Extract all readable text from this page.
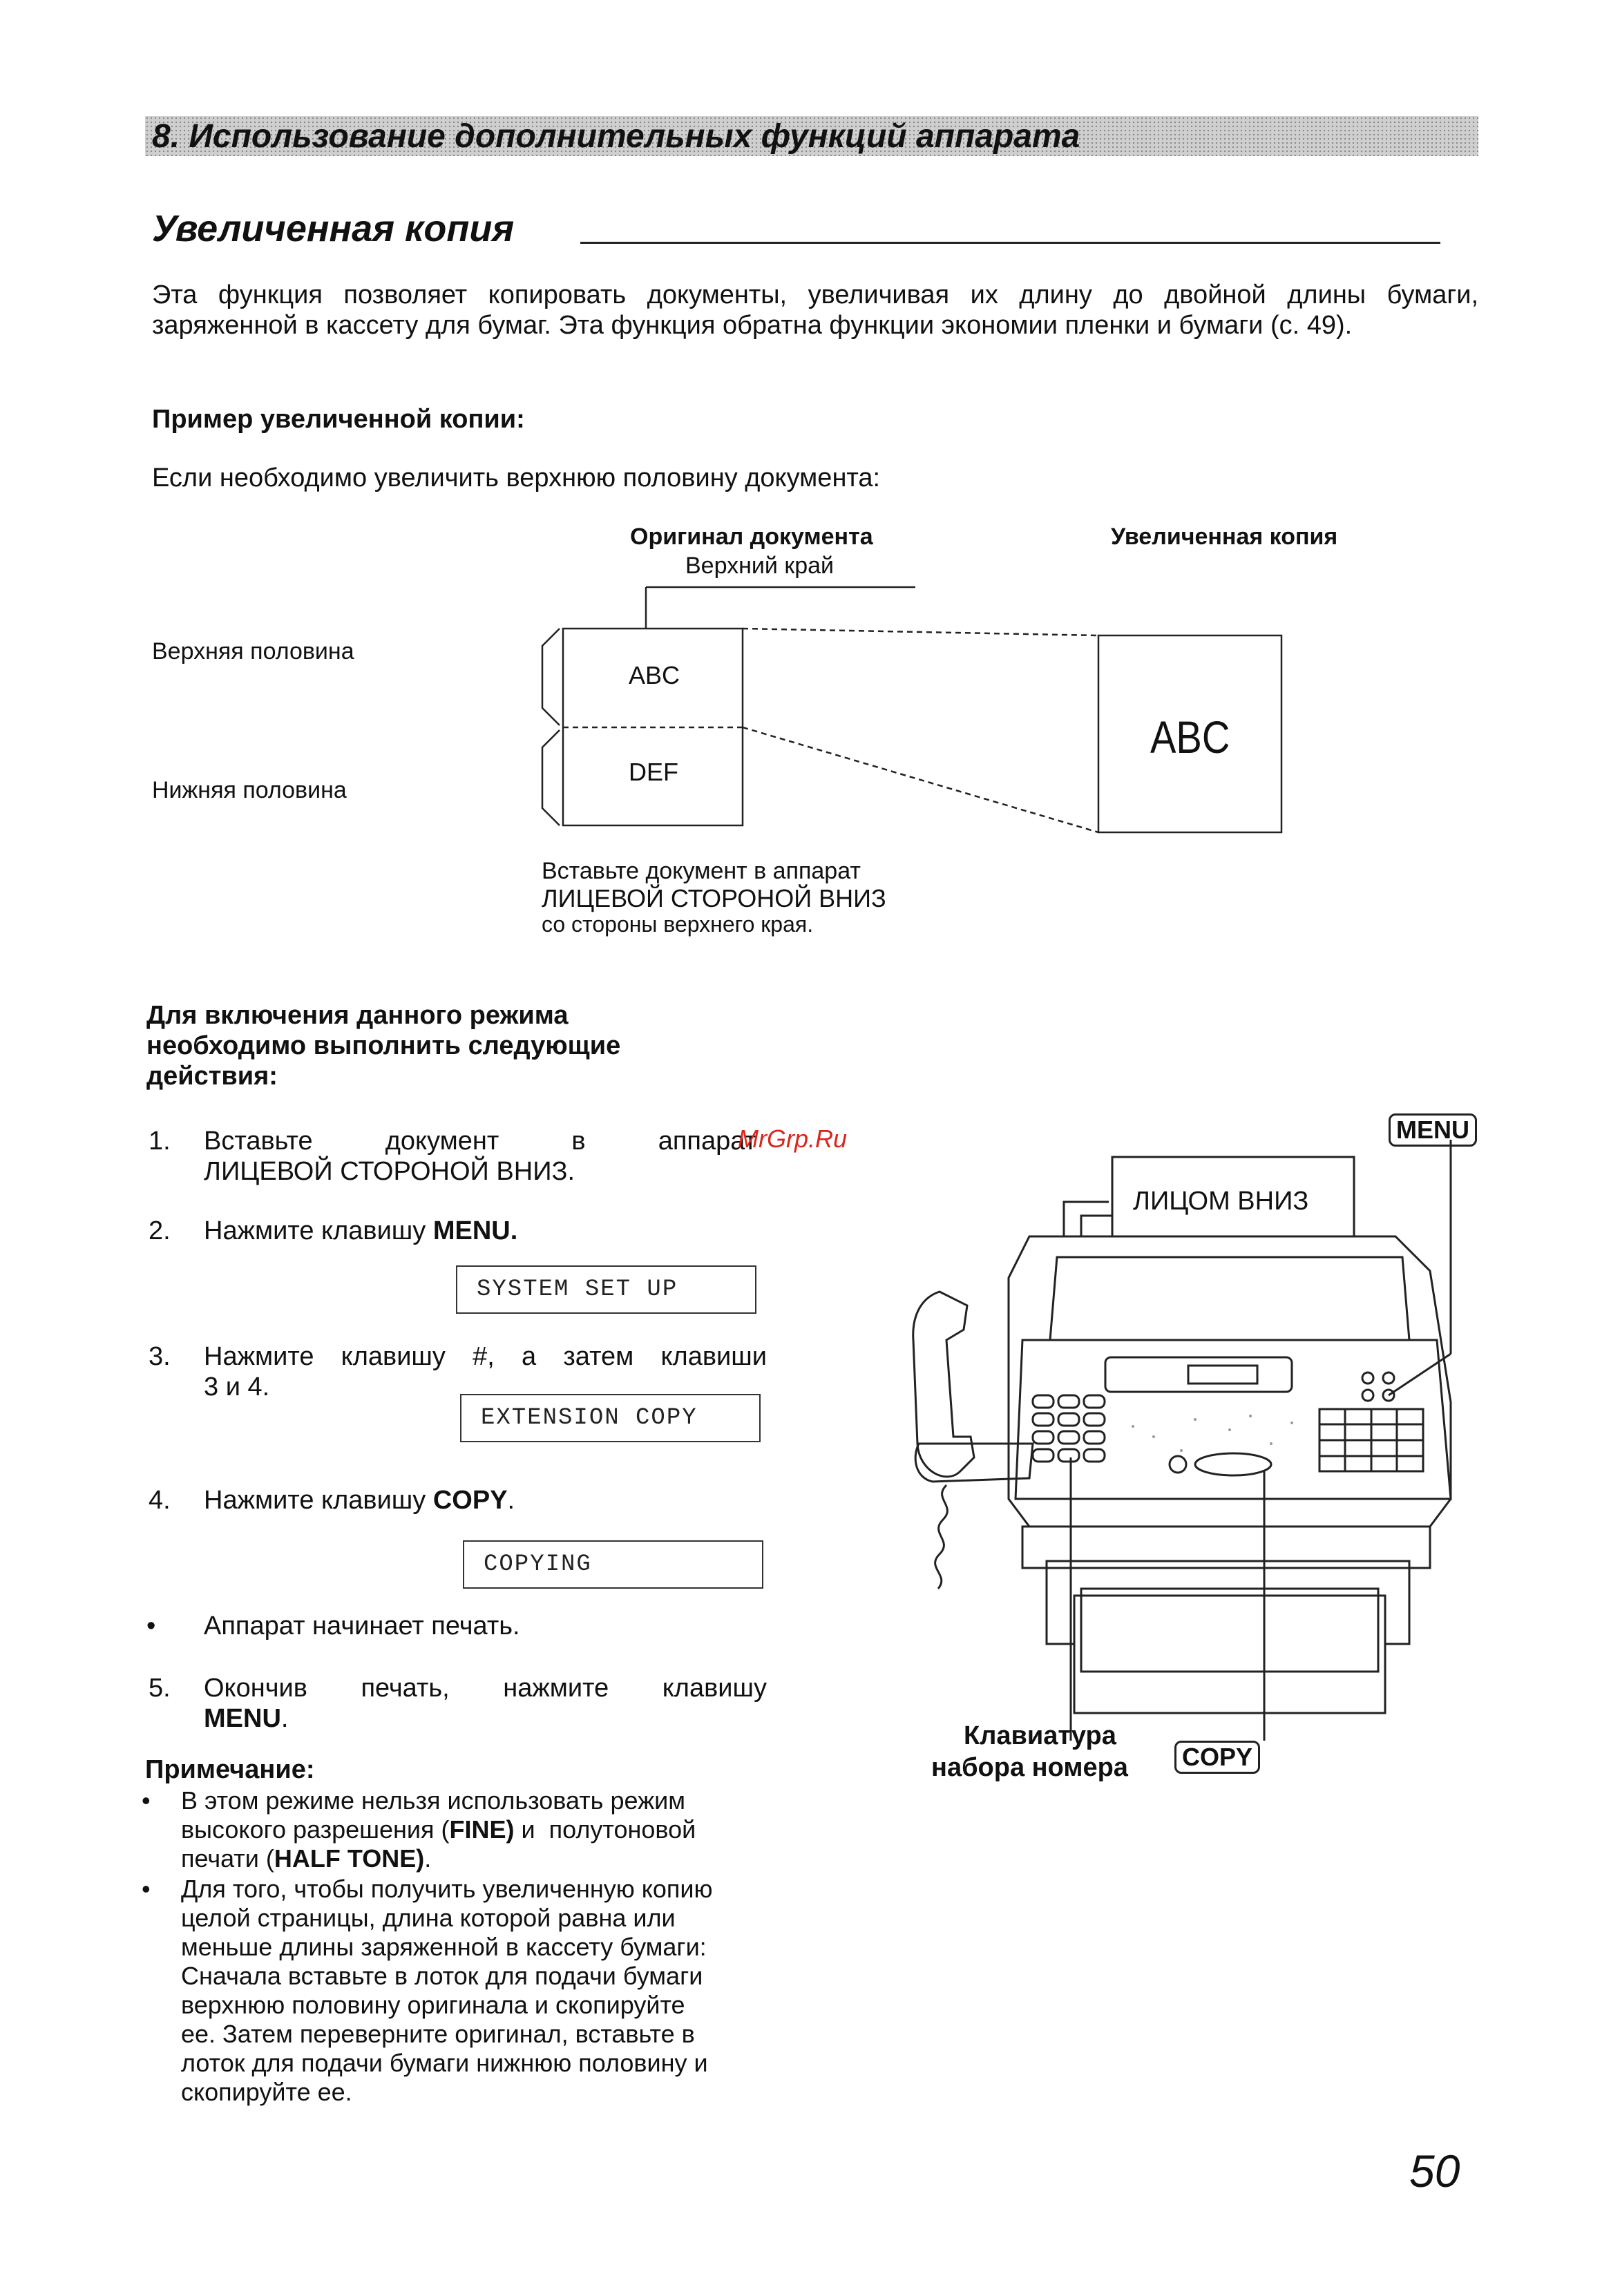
8. Использование дополнительных функций аппарата
Увеличенная копия
Эта функция позволяет копировать документы, увеличивая их длину до двойной длины бумаги, заряженной в кассету для бумаг. Эта функция обратна функции экономии пленки и бумаги (с. 49).
Пример увеличенной копии:
Если необходимо увеличить верхнюю половину документа:
Оригинал документа
Верхний край
Увеличенная копия
Верхняя половина
Нижняя половина
ABC
DEF
ABC
Вставьте документ в аппарат
ЛИЦЕВОЙ СТОРОНОЙ ВНИЗ
со стороны верхнего края.
Для включения данного режима
необходимо выполнить следующие
действия:
1. Вставьте	документ	в	аппарат
ЛИЦЕВОЙ СТОРОНОЙ ВНИЗ.
2. Нажмите клавишу MENU.
SYSTEM SET UP
3. Нажмите клавишу #, а затем клавиши
3 и 4.
EXTENSION COPY
4. Нажмите клавишу COPY.
COPYING
• Аппарат начинает печать.
5. Окончив печать, нажмите клавишу
MENU.
Примечание:
• В этом режиме нельзя использовать режим
высокого разрешения (FINE) и  полутоновой
печати (HALF TONE).
• Для того, чтобы получить увеличенную копию
целой страницы, длина которой равна или
меньше длины заряженной в кассету бумаги:
Сначала вставьте в лоток для подачи бумаги
верхнюю половину оригинала и скопируйте
ее. Затем переверните оригинал, вставьте в
лоток для подачи бумаги нижнюю половину и
скопируйте ее.
MENU
ЛИЦОМ ВНИЗ
Клавиатура
набора номера	COPY
MrGrp.Ru
50
